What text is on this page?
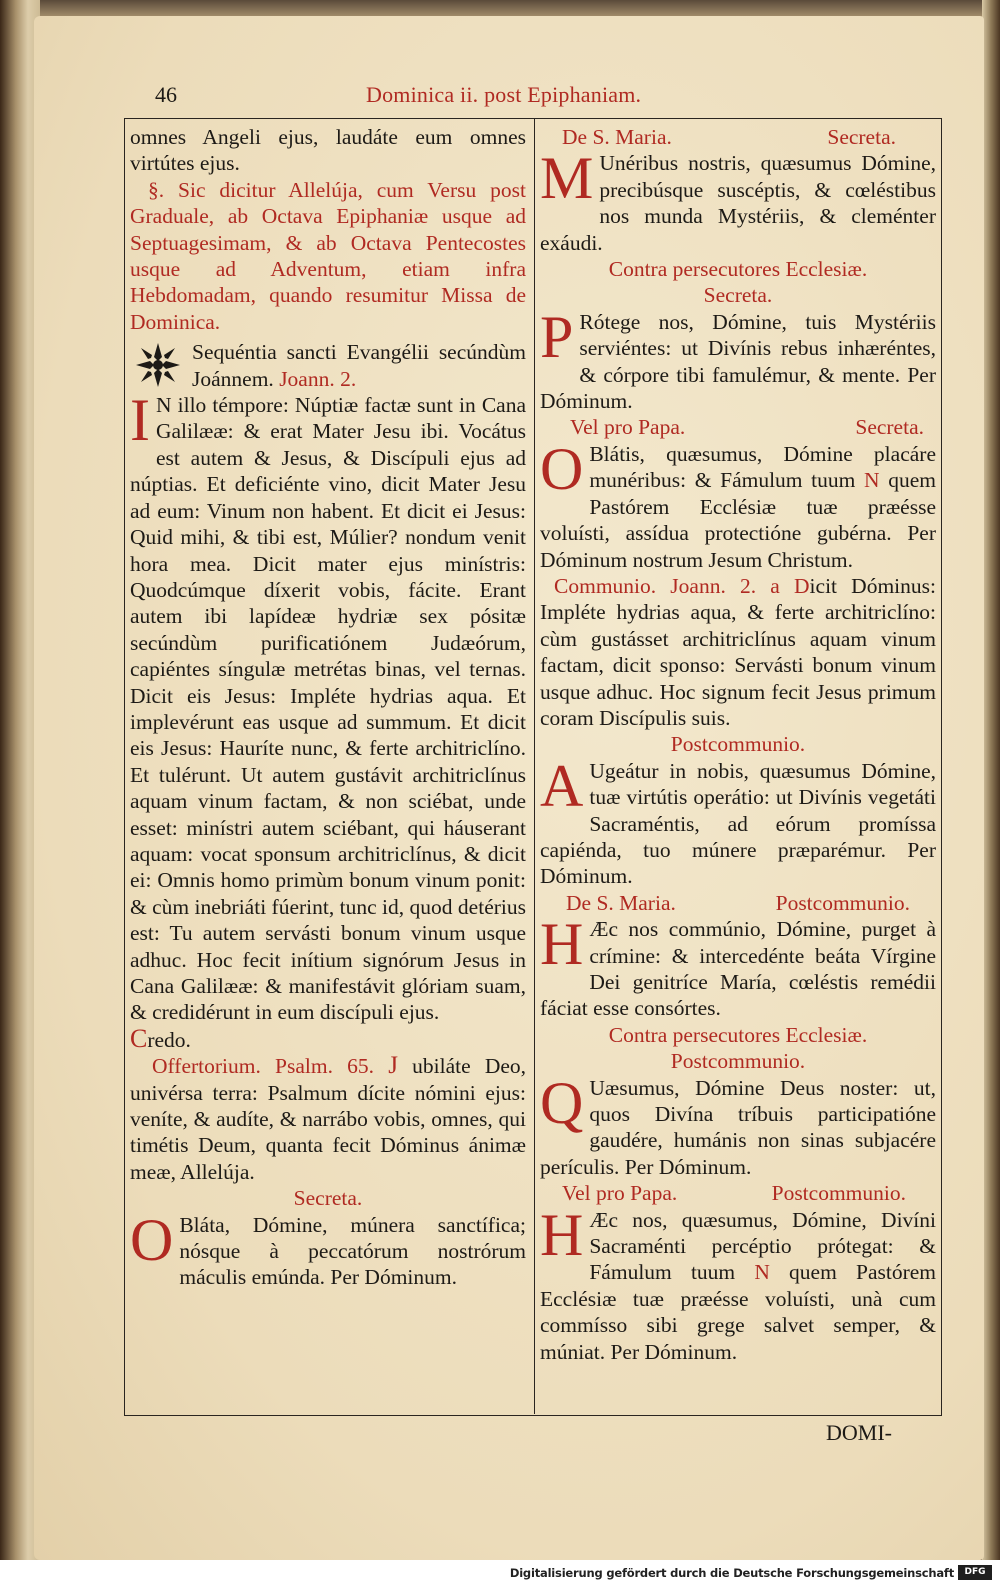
46	Dominica ii. post Epiphaniam.

omnes Angeli ejus, laudáte eum omnes virtútes ejus.

§. Sic dicitur Allelúja, cum Versu post Graduale, ab Octava Epiphaniæ usque ad Septuagesimam, & ab Octava Pentecostes usque ad Adventum, etiam infra Hebdomadam, quando resumitur Missa de Dominica.

Sequéntia sancti Evangélii secúndùm Joánnem. Joann. 2.

I N illo témpore: Núptiæ factæ sunt in Cana Galilææ: & erat Mater Jesu ibi. Vocátus est autem & Jesus, & Discípuli ejus ad núptias. Et deficiénte vino, dicit Mater Jesu ad eum: Vinum non habent. Et dicit ei Jesus: Quid mihi, & tibi est, Múlier? nondum venit hora mea. Dicit mater ejus minístris: Quodcúmque díxerit vobis, fácite. Erant autem ibi lapídeæ hydriæ sex pósitæ secúndùm purificatiónem Judæórum, capiéntes síngulæ metrétas binas, vel ternas. Dicit eis Jesus: Impléte hydrias aqua. Et implevérunt eas usque ad summum. Et dicit eis Jesus: Hauríte nunc, & ferte architriclíno. Et tulérunt. Ut autem gustávit architriclínus aquam vinum factam, & non sciébat, unde esset: minístri autem sciébant, qui háuserant aquam: vocat sponsum architriclínus, & dicit ei: Omnis homo primùm bonum vinum ponit: & cùm inebriáti fúerint, tunc id, quod detérius est: Tu autem servásti bonum vinum usque adhuc. Hoc fecit inítium signórum Jesus in Cana Galilææ: & manifestávit glóriam suam, & credidérunt in eum discípuli ejus.

Credo.

Offertorium. Psalm. 65. J ubiláte Deo, univérsa terra: Psalmum dícite nómini ejus: veníte, & audíte, & narrábo vobis, omnes, qui timétis Deum, quanta fecit Dóminus ánimæ meæ, Allelúja.

Secreta.

O Bláta, Dómine, múnera sanctífica; nósque à peccatórum nostrórum máculis emúnda. Per Dóminum.

De S. Maria.	Secreta.

M Unéribus nostris, quæsumus Dómine, precibúsque suscéptis, & cœléstibus nos munda Mystériis, & cleménter exáudi.

Contra persecutores Ecclesiæ.

Secreta.

P Rótege nos, Dómine, tuis Mystériis serviéntes: ut Divínis rebus inhæréntes, & córpore tibi famulémur, & mente. Per Dóminum.

Vel pro Papa.	Secreta.

O Blátis, quæsumus, Dómine placáre munéribus: & Fámulum tuum N quem Pastórem Ecclésiæ tuæ præésse voluísti, assídua protectióne gubérna. Per Dóminum nostrum Jesum Christum.

Communio. Joann. 2. a Dicit Dóminus: Impléte hydrias aqua, & ferte architriclíno: cùm gustásset architriclínus aquam vinum factam, dicit sponso: Servásti bonum vinum usque adhuc. Hoc signum fecit Jesus primum coram Discípulis suis.

Postcommunio.

A Ugeátur in nobis, quæsumus Dómine, tuæ virtútis operátio: ut Divínis vegetáti Sacraméntis, ad eórum promíssa capiénda, tuo múnere præparémur. Per Dóminum.

De S. Maria.	Postcommunio.

H Æc nos commúnio, Dómine, purget à crímine: & intercedénte beáta Vírgine Dei genitríce María, cœléstis remédii fáciat esse consórtes.

Contra persecutores Ecclesiæ.

Postcommunio.

Q Uæsumus, Dómine Deus noster: ut, quos Divína tríbuis participatióne gaudére, humánis non sinas subjacére perículis. Per Dóminum.

Vel pro Papa.	Postcommunio.

H Æc nos, quæsumus, Dómine, Divíni Sacraménti percéptio prótegat: & Fámulum tuum N quem Pastórem Ecclésiæ tuæ præésse voluísti, unà cum commísso sibi grege salvet semper, & múniat. Per Dóminum.

DOMI-
Digitalisierung gefördert durch die Deutsche Forschungsgemeinschaft	DFG
